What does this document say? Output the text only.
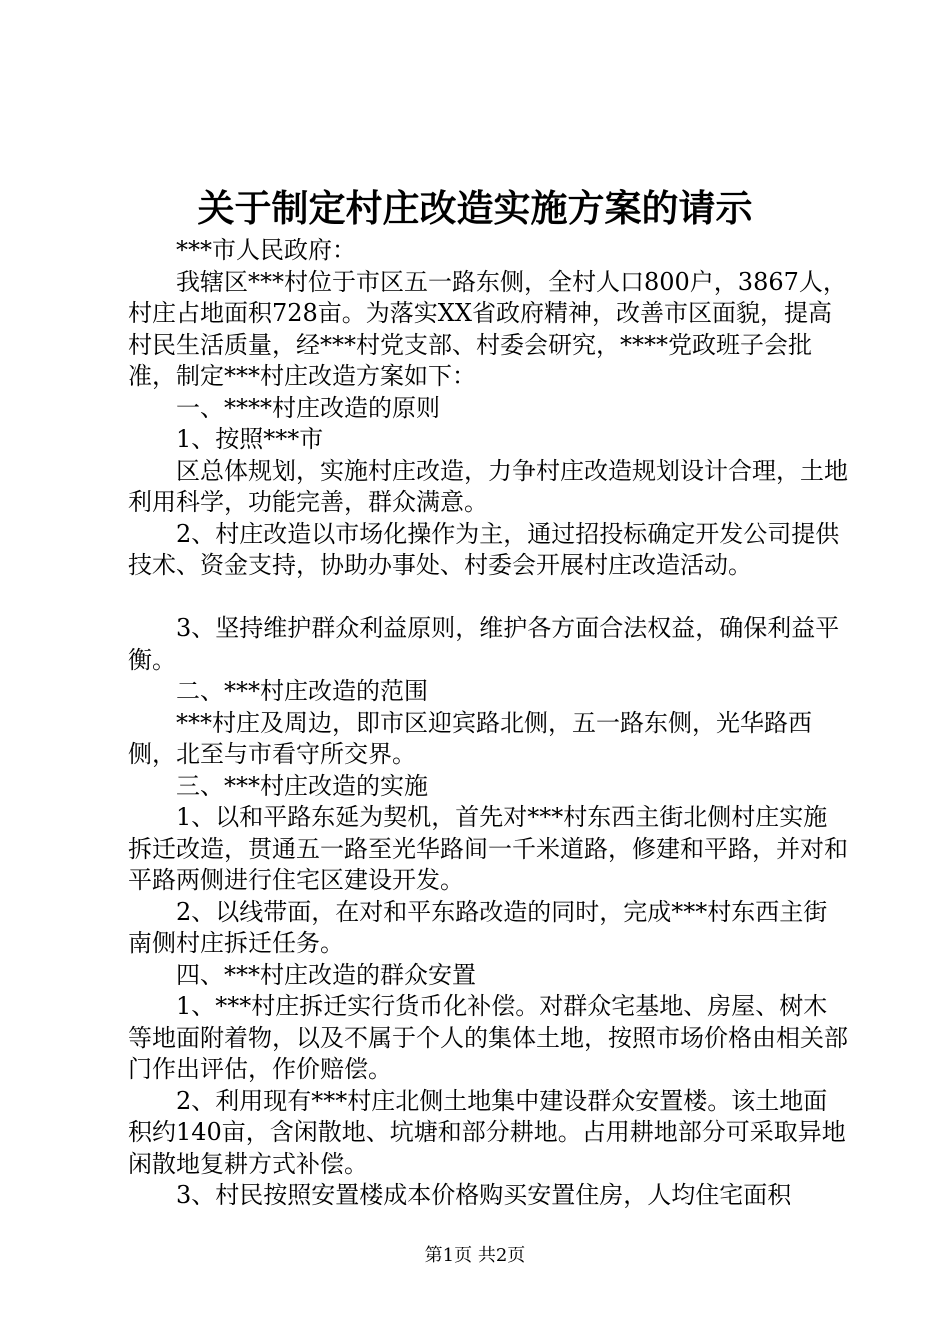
关于制定村庄改造实施方案的请示

***市人民政府：

我辖区***村位于市区五一路东侧，全村人口800户，3867人，村庄占地面积728亩。为落实XX省政府精神，改善市区面貌，提高村民生活质量，经***村党支部、村委会研究，****党政班子会批准，制定***村庄改造方案如下：

一、****村庄改造的原则

1、按照***市

区总体规划，实施村庄改造，力争村庄改造规划设计合理，土地利用科学，功能完善，群众满意。

2、村庄改造以市场化操作为主，通过招投标确定开发公司提供技术、资金支持，协助办事处、村委会开展村庄改造活动。

3、坚持维护群众利益原则，维护各方面合法权益，确保利益平衡。

二、***村庄改造的范围

***村庄及周边，即市区迎宾路北侧，五一路东侧，光华路西侧，北至与市看守所交界。

三、***村庄改造的实施

1、以和平路东延为契机，首先对***村东西主街北侧村庄实施拆迁改造，贯通五一路至光华路间一千米道路，修建和平路，并对和平路两侧进行住宅区建设开发。

2、以线带面，在对和平东路改造的同时，完成***村东西主街南侧村庄拆迁任务。

四、***村庄改造的群众安置

1、***村庄拆迁实行货币化补偿。对群众宅基地、房屋、树木等地面附着物，以及不属于个人的集体土地，按照市场价格由相关部门作出评估，作价赔偿。

2、利用现有***村庄北侧土地集中建设群众安置楼。该土地面积约140亩，含闲散地、坑塘和部分耕地。占用耕地部分可采取异地闲散地复耕方式补偿。

3、村民按照安置楼成本价格购买安置住房，人均住宅面积

第1页 共2页
